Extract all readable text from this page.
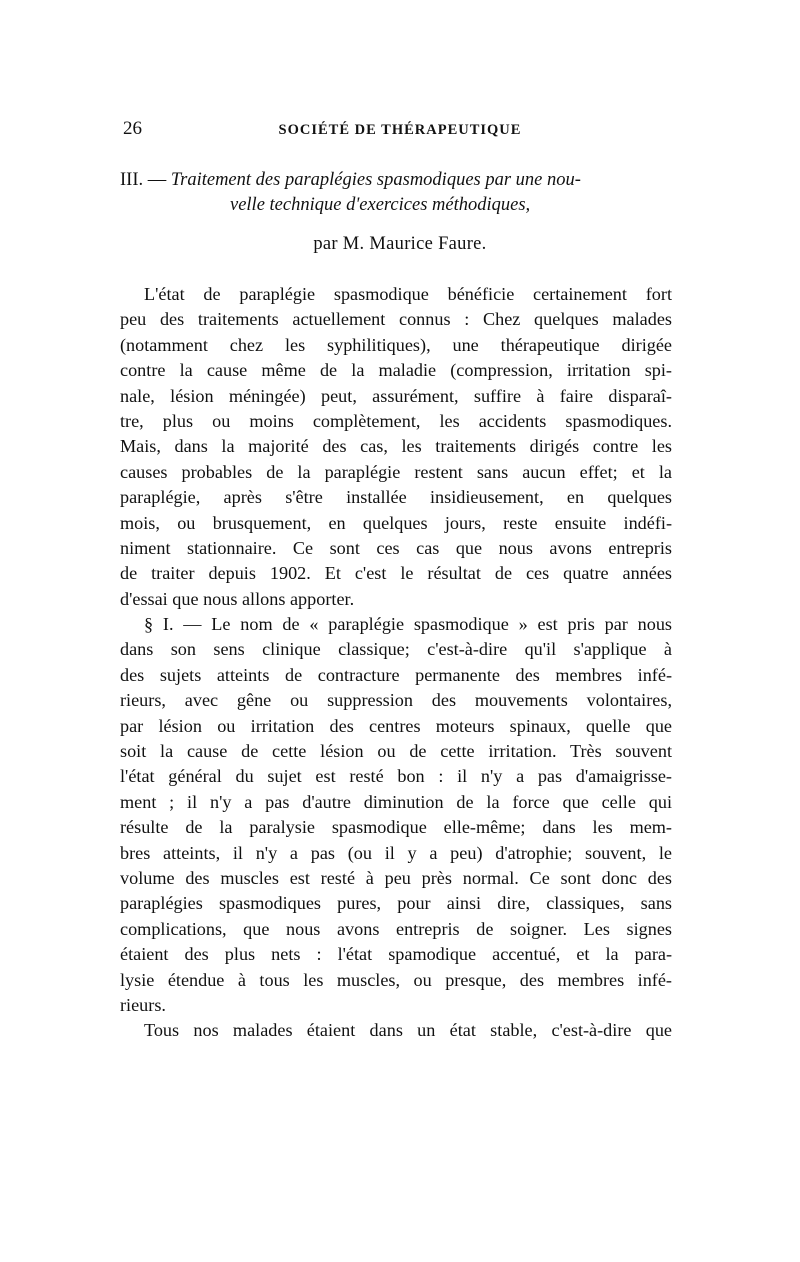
26	SOCIÉTÉ DE THÉRAPEUTIQUE
III. — Traitement des paraplégies spasmodiques par une nou-
velle technique d'exercices méthodiques,
par M. Maurice Faure.
L'état de paraplégie spasmodique bénéficie certainement fort
peu des traitements actuellement connus : Chez quelques malades
(notamment chez les syphilitiques), une thérapeutique dirigée
contre la cause même de la maladie (compression, irritation spi-
nale, lésion méningée) peut, assurément, suffire à faire disparaî-
tre, plus ou moins complètement, les accidents spasmodiques.
Mais, dans la majorité des cas, les traitements dirigés contre les
causes probables de la paraplégie restent sans aucun effet; et la
paraplégie, après s'être installée insidieusement, en quelques
mois, ou brusquement, en quelques jours, reste ensuite indéfi-
niment stationnaire. Ce sont ces cas que nous avons entrepris
de traiter depuis 1902. Et c'est le résultat de ces quatre années
d'essai que nous allons apporter.
§ I. — Le nom de « paraplégie spasmodique » est pris par nous
dans son sens clinique classique; c'est-à-dire qu'il s'applique à
des sujets atteints de contracture permanente des membres infé-
rieurs, avec gêne ou suppression des mouvements volontaires,
par lésion ou irritation des centres moteurs spinaux, quelle que
soit la cause de cette lésion ou de cette irritation. Très souvent
l'état général du sujet est resté bon : il n'y a pas d'amaigrisse-
ment ; il n'y a pas d'autre diminution de la force que celle qui
résulte de la paralysie spasmodique elle-même; dans les mem-
bres atteints, il n'y a pas (ou il y a peu) d'atrophie; souvent, le
volume des muscles est resté à peu près normal. Ce sont donc des
paraplégies spasmodiques pures, pour ainsi dire, classiques, sans
complications, que nous avons entrepris de soigner. Les signes
étaient des plus nets : l'état spamodique accentué, et la para-
lysie étendue à tous les muscles, ou presque, des membres infé-
rieurs.
Tous nos malades étaient dans un état stable, c'est-à-dire que
